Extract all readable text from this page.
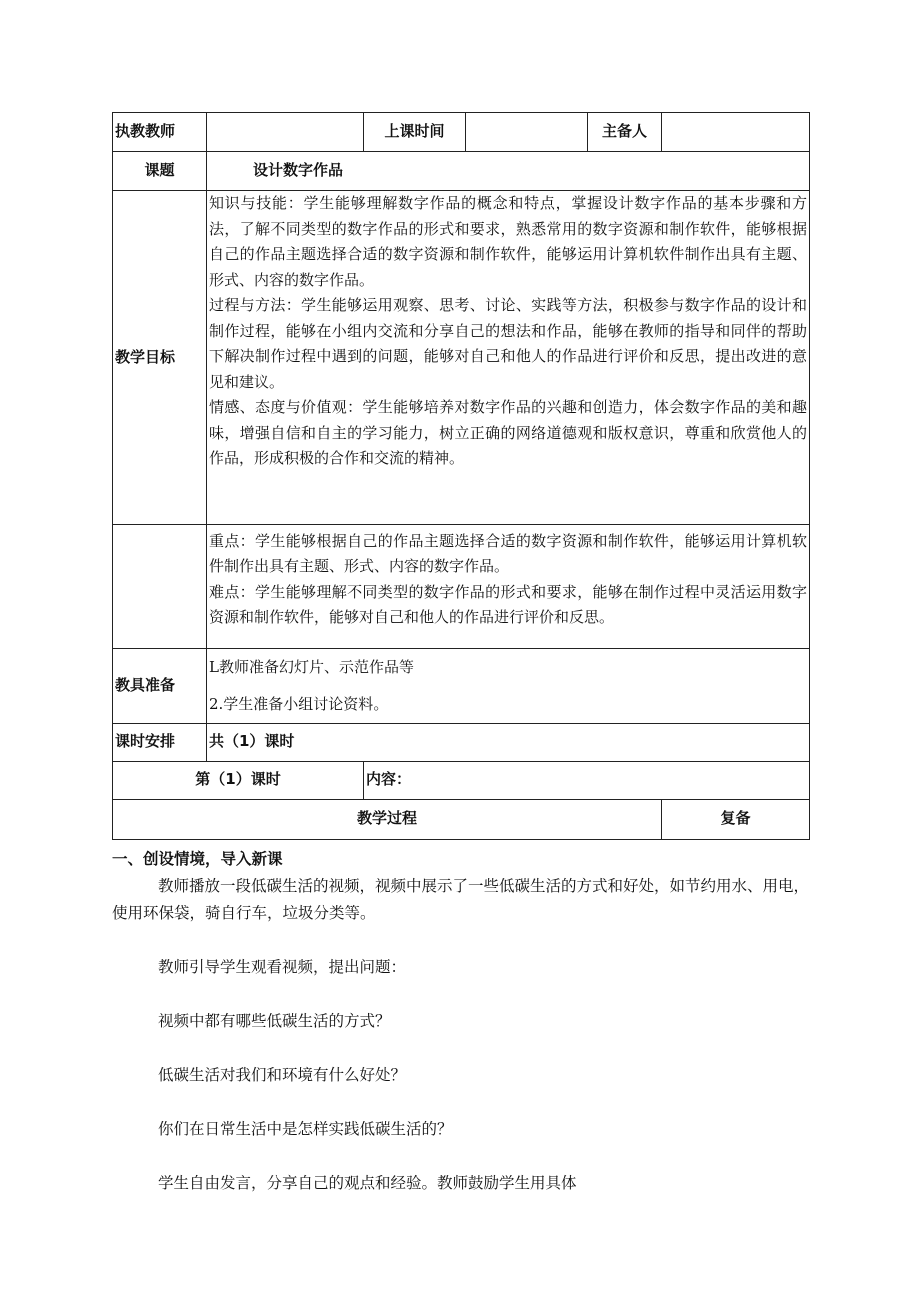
执教教师		上课时间		主备人	
课题	设计数字作品				
教学目标	知识与技能：学生能够理解数字作品的概念和特点，掌握设计数字作品的基本步骤和方法，了解不同类型的数字作品的形式和要求，熟悉常用的数字资源和制作软件，能够根据自己的作品主题选择合适的数字资源和制作软件，能够运用计算机软件制作出具有主题、形式、内容的数字作品。

过程与方法：学生能够运用观察、思考、讨论、实践等方法，积极参与数字作品的设计和制作过程，能够在小组内交流和分享自己的想法和作品，能够在教师的指导和同伴的帮助下解决制作过程中遇到的问题，能够对自己和他人的作品进行评价和反思，提出改进的意见和建议。

情感、态度与价值观：学生能够培养对数字作品的兴趣和创造力，体会数字作品的美和趣味，增强自信和自主的学习能力，树立正确的网络道德观和版权意识，尊重和欣赏他人的作品，形成积极的合作和交流的精神。				

	重点：学生能够根据自己的作品主题选择合适的数字资源和制作软件，能够运用计算机软件制作出具有主题、形式、内容的数字作品。

难点：学生能够理解不同类型的数字作品的形式和要求，能够在制作过程中灵活运用数字资源和制作软件，能够对自己和他人的作品进行评价和反思。				

教具准备	L教师准备幻灯片、示范作品等
2.学生准备小组讨论资料。				

课时安排	共（1）课时				
第（1）课时		内容：			
教学过程					复备

一、创设情境，导入新课

教师播放一段低碳生活的视频，视频中展示了一些低碳生活的方式和好处，如节约用水、用电，使用环保袋，骑自行车，垃圾分类等。

教师引导学生观看视频，提出问题：

视频中都有哪些低碳生活的方式？

低碳生活对我们和环境有什么好处？

你们在日常生活中是怎样实践低碳生活的？

学生自由发言，分享自己的观点和经验。教师鼓励学生用具体
